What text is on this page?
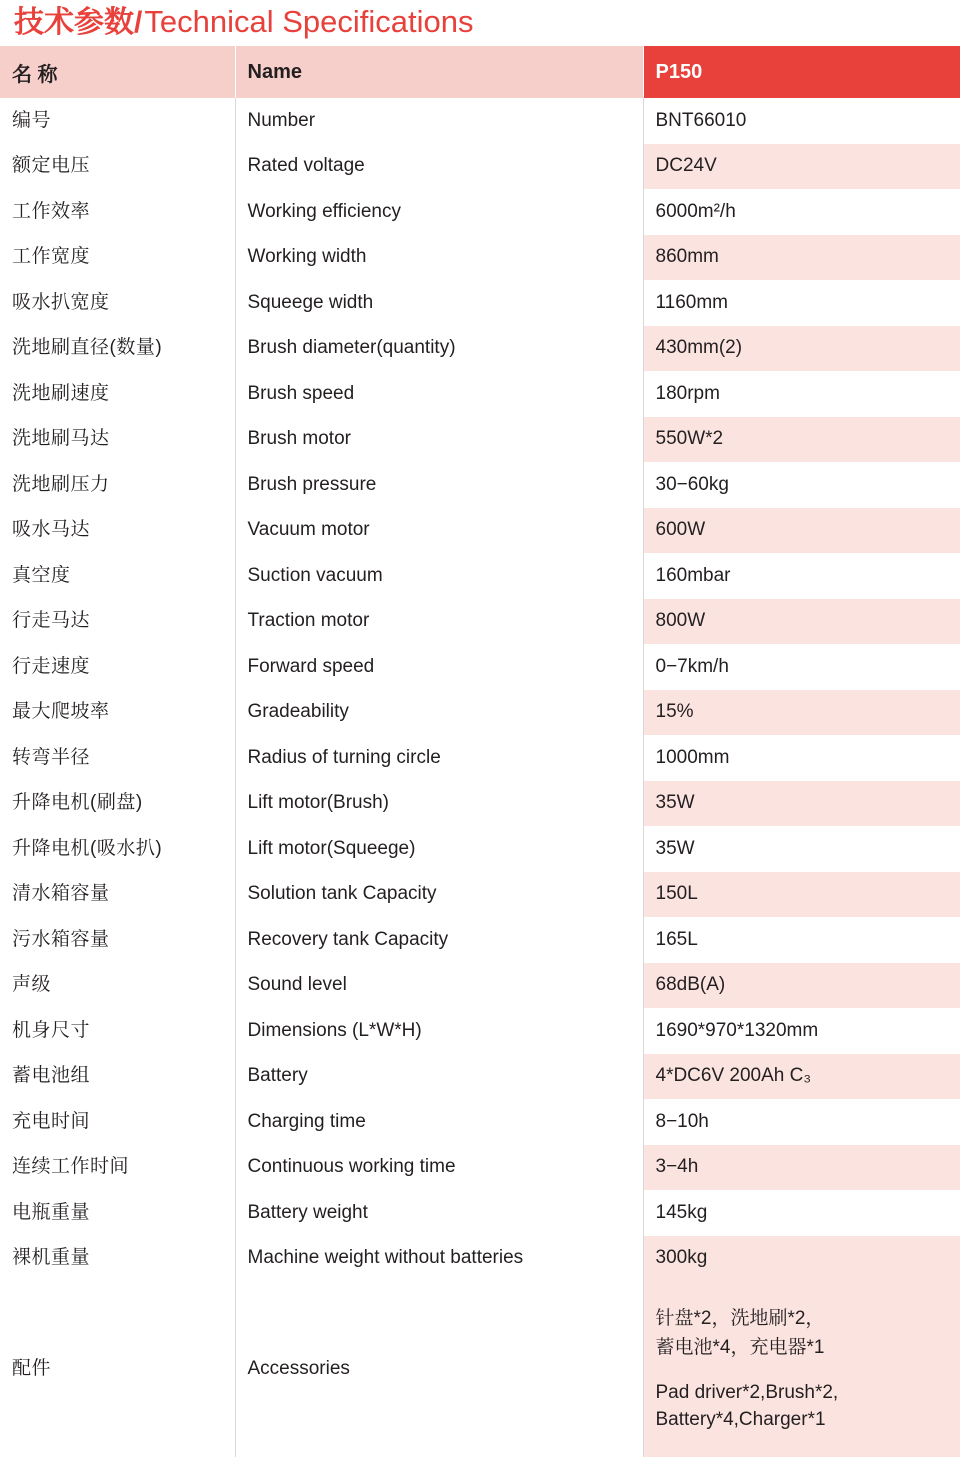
技术参数/ Technical Specifications
名 称	Name	P150
编号	Number	BNT66010
额定电压	Rated voltage	DC24V
工作效率	Working efficiency	6000m²/h
工作宽度	Working width	860mm
吸水扒宽度	Squeege width	1160mm
洗地刷直径(数量)	Brush diameter(quantity)	430mm(2)
洗地刷速度	Brush speed	180rpm
洗地刷马达	Brush motor	550W*2
洗地刷压力	Brush pressure	30−60kg
吸水马达	Vacuum motor	600W
真空度	Suction vacuum	160mbar
行走马达	Traction motor	800W
行走速度	Forward speed	0−7km/h
最大爬坡率	Gradeability	15%
转弯半径	Radius of turning circle	1000mm
升降电机(刷盘)	Lift motor(Brush)	35W
升降电机(吸水扒)	Lift motor(Squeege)	35W
清水箱容量	Solution tank Capacity	150L
污水箱容量	Recovery tank Capacity	165L
声级	Sound level	68dB(A)
机身尺寸	Dimensions (L*W*H)	1690*970*1320mm
蓄电池组	Battery	4*DC6V 200Ah C₃
充电时间	Charging time	8−10h
连续工作时间	Continuous working time	3−4h
电瓶重量	Battery weight	145kg
裸机重量	Machine weight without batteries	300kg
配件	Accessories	针盘*2，洗地刷*2，
蓄电池*4，充电器*1
Pad driver*2,Brush*2,
Battery*4,Charger*1
